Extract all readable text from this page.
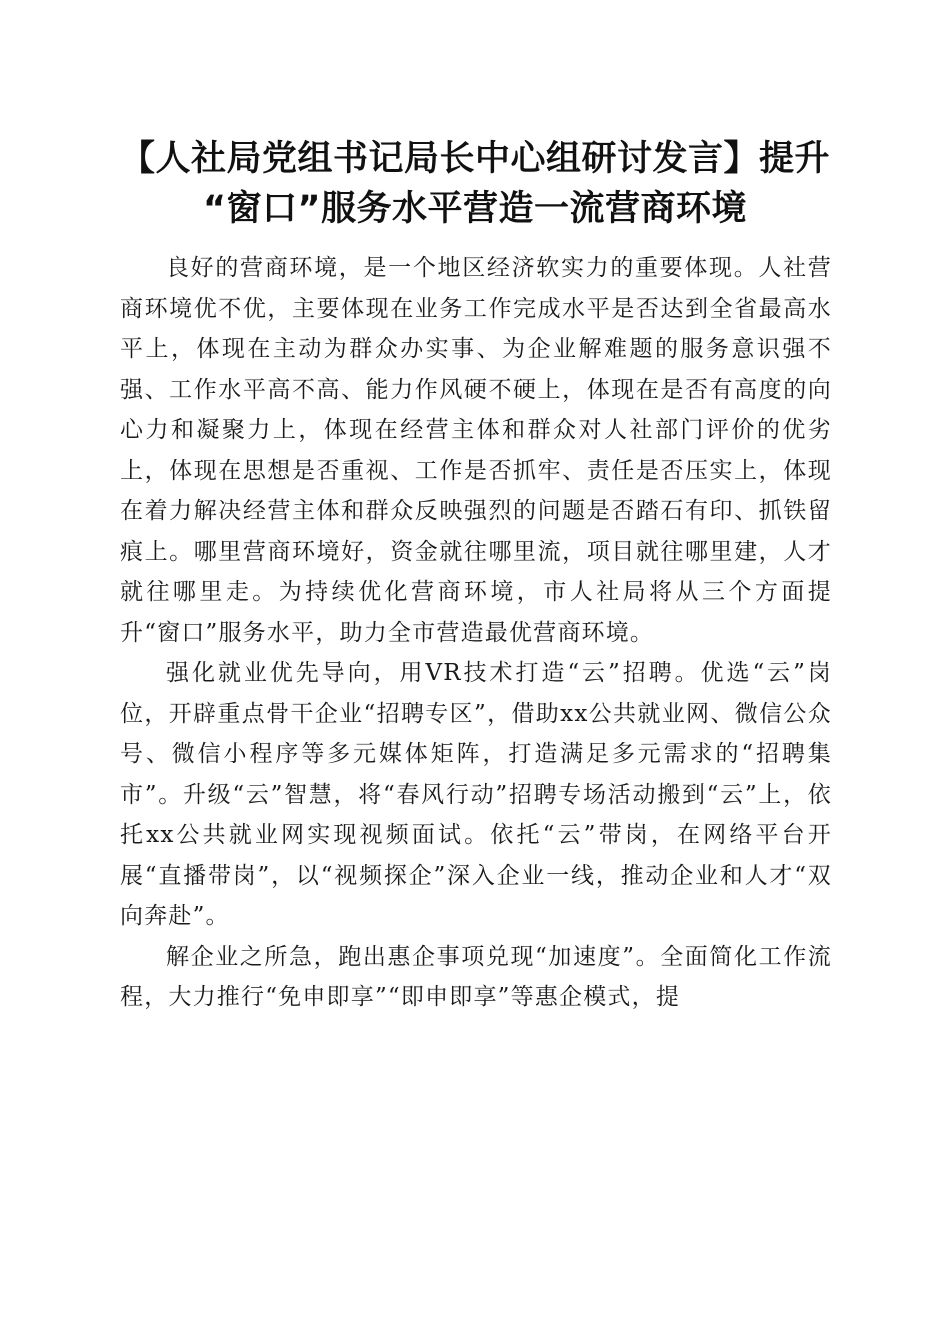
【人社局党组书记局长中心组研讨发言】提升
“窗口”服务水平营造一流营商环境

良好的营商环境，是一个地区经济软实力的重要体现。人社营商环境优不优，主要体现在业务工作完成水平是否达到全省最高水平上，体现在主动为群众办实事、为企业解难题的服务意识强不强、工作水平高不高、能力作风硬不硬上，体现在是否有高度的向心力和凝聚力上，体现在经营主体和群众对人社部门评价的优劣上，体现在思想是否重视、工作是否抓牢、责任是否压实上，体现在着力解决经营主体和群众反映强烈的问题是否踏石有印、抓铁留痕上。哪里营商环境好，资金就往哪里流，项目就往哪里建，人才就往哪里走。为持续优化营商环境，市人社局将从三个方面提升“窗口”服务水平，助力全市营造最优营商环境。

强化就业优先导向，用VR技术打造“云”招聘。优选“云”岗位，开辟重点骨干企业“招聘专区”，借助xx公共就业网、微信公众号、微信小程序等多元媒体矩阵，打造满足多元需求的“招聘集市”。升级“云”智慧，将“春风行动”招聘专场活动搬到“云”上，依托xx公共就业网实现视频面试。依托“云”带岗，在网络平台开展“直播带岗”，以“视频探企”深入企业一线，推动企业和人才“双向奔赴”。

解企业之所急，跑出惠企事项兑现“加速度”。全面简化工作流程，大力推行“免申即享”“即申即享”等惠企模式，提
